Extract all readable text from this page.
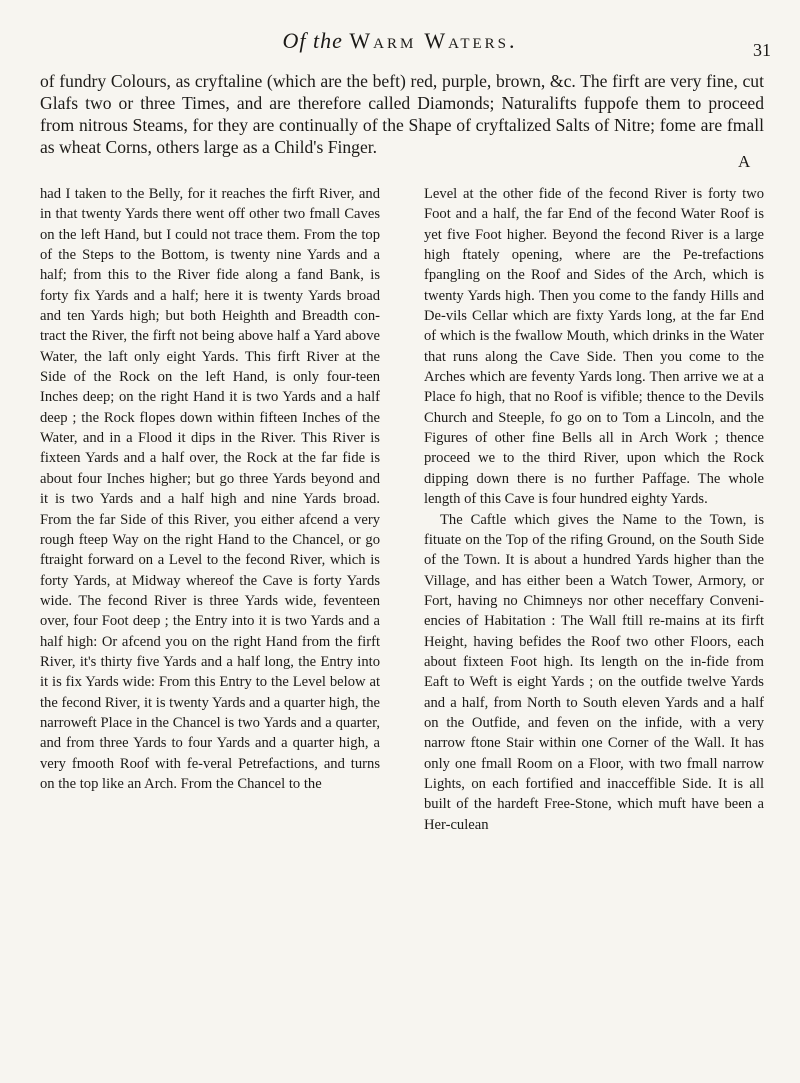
Of the Warm Waters.	31
of fundry Colours, as cryftaline (which are the beft) red, purple, brown, &c. The firft are very fine, cut Glafs two or three Times, and are therefore called Diamonds; Naturalifts fuppofe them to proceed from nitrous Steams, for they are continually of the Shape of cryftalized Salts of Nitre; fome are fmall as wheat Corns, others large as a Child's Finger.
A

had I taken to the Belly, for it reaches the firft River, and in that twenty Yards there went off other two fmall Caves on the left Hand, but I could not trace them. From the top of the Steps to the Bottom, is twenty nine Yards and a half; from this to the River fide along a fand Bank, is forty fix Yards and a half; here it is twenty Yards broad and ten Yards high; but both Heighth and Breadth con-tract the River, the firft not being above half a Yard above Water, the laft only eight Yards. This firft River at the Side of the Rock on the left Hand, is only four-teen Inches deep; on the right Hand it is two Yards and a half deep ; the Rock flopes down within fifteen Inches of the Water, and in a Flood it dips in the River. This River is fixteen Yards and a half over, the Rock at the far fide is about four Inches higher; but go three Yards beyond and it is two Yards and a half high and nine Yards broad. From the far Side of this River, you either afcend a very rough fteep Way on the right Hand to the Chancel, or go ftraight forward on a Level to the fecond River, which is forty Yards, at Midway whereof the Cave is forty Yards wide. The fecond River is three Yards wide, feventeen over, four Foot deep ; the Entry into it is two Yards and a half high: Or afcend you on the right Hand from the firft River, it's thirty five Yards and a half long, the Entry into it is fix Yards wide: From this Entry to the Level below at the fecond River, it is twenty Yards and a quarter high, the narroweft Place in the Chancel is two Yards and a quarter, and from three Yards to four Yards and a quarter high, a very fmooth Roof with fe-veral Petrefactions, and turns on the top like an Arch. From the Chancel to the

Level at the other fide of the fecond River is forty two Foot and a half, the far End of the fecond Water Roof is yet five Foot higher. Beyond the fecond River is a large high ftately opening, where are the Pe-trefactions fpangling on the Roof and Sides of the Arch, which is twenty Yards high. Then you come to the fandy Hills and De-vils Cellar which are fixty Yards long, at the far End of which is the fwallow Mouth, which drinks in the Water that runs along the Cave Side. Then you come to the Arches which are feventy Yards long. Then arrive we at a Place fo high, that no Roof is vifible; thence to the Devils Church and Steeple, fo go on to Tom a Lincoln, and the Figures of other fine Bells all in Arch Work ; thence proceed we to the third River, upon which the Rock dipping down there is no further Paffage. The whole length of this Cave is four hundred eighty Yards.

The Caftle which gives the Name to the Town, is fituate on the Top of the rifing Ground, on the South Side of the Town. It is about a hundred Yards higher than the Village, and has either been a Watch Tower, Armory, or Fort, having no Chimneys nor other neceffary Conveni-encies of Habitation : The Wall ftill re-mains at its firft Height, having befides the Roof two other Floors, each about fixteen Foot high. Its length on the in-fide from Eaft to Weft is eight Yards ; on the outfide twelve Yards and a half, from North to South eleven Yards and a half on the Outfide, and feven on the infide, with a very narrow ftone Stair within one Corner of the Wall. It has only one fmall Room on a Floor, with two fmall narrow Lights, on each fortified and inacceffible Side. It is all built of the hardeft Free-Stone, which muft have been a Her-culean
